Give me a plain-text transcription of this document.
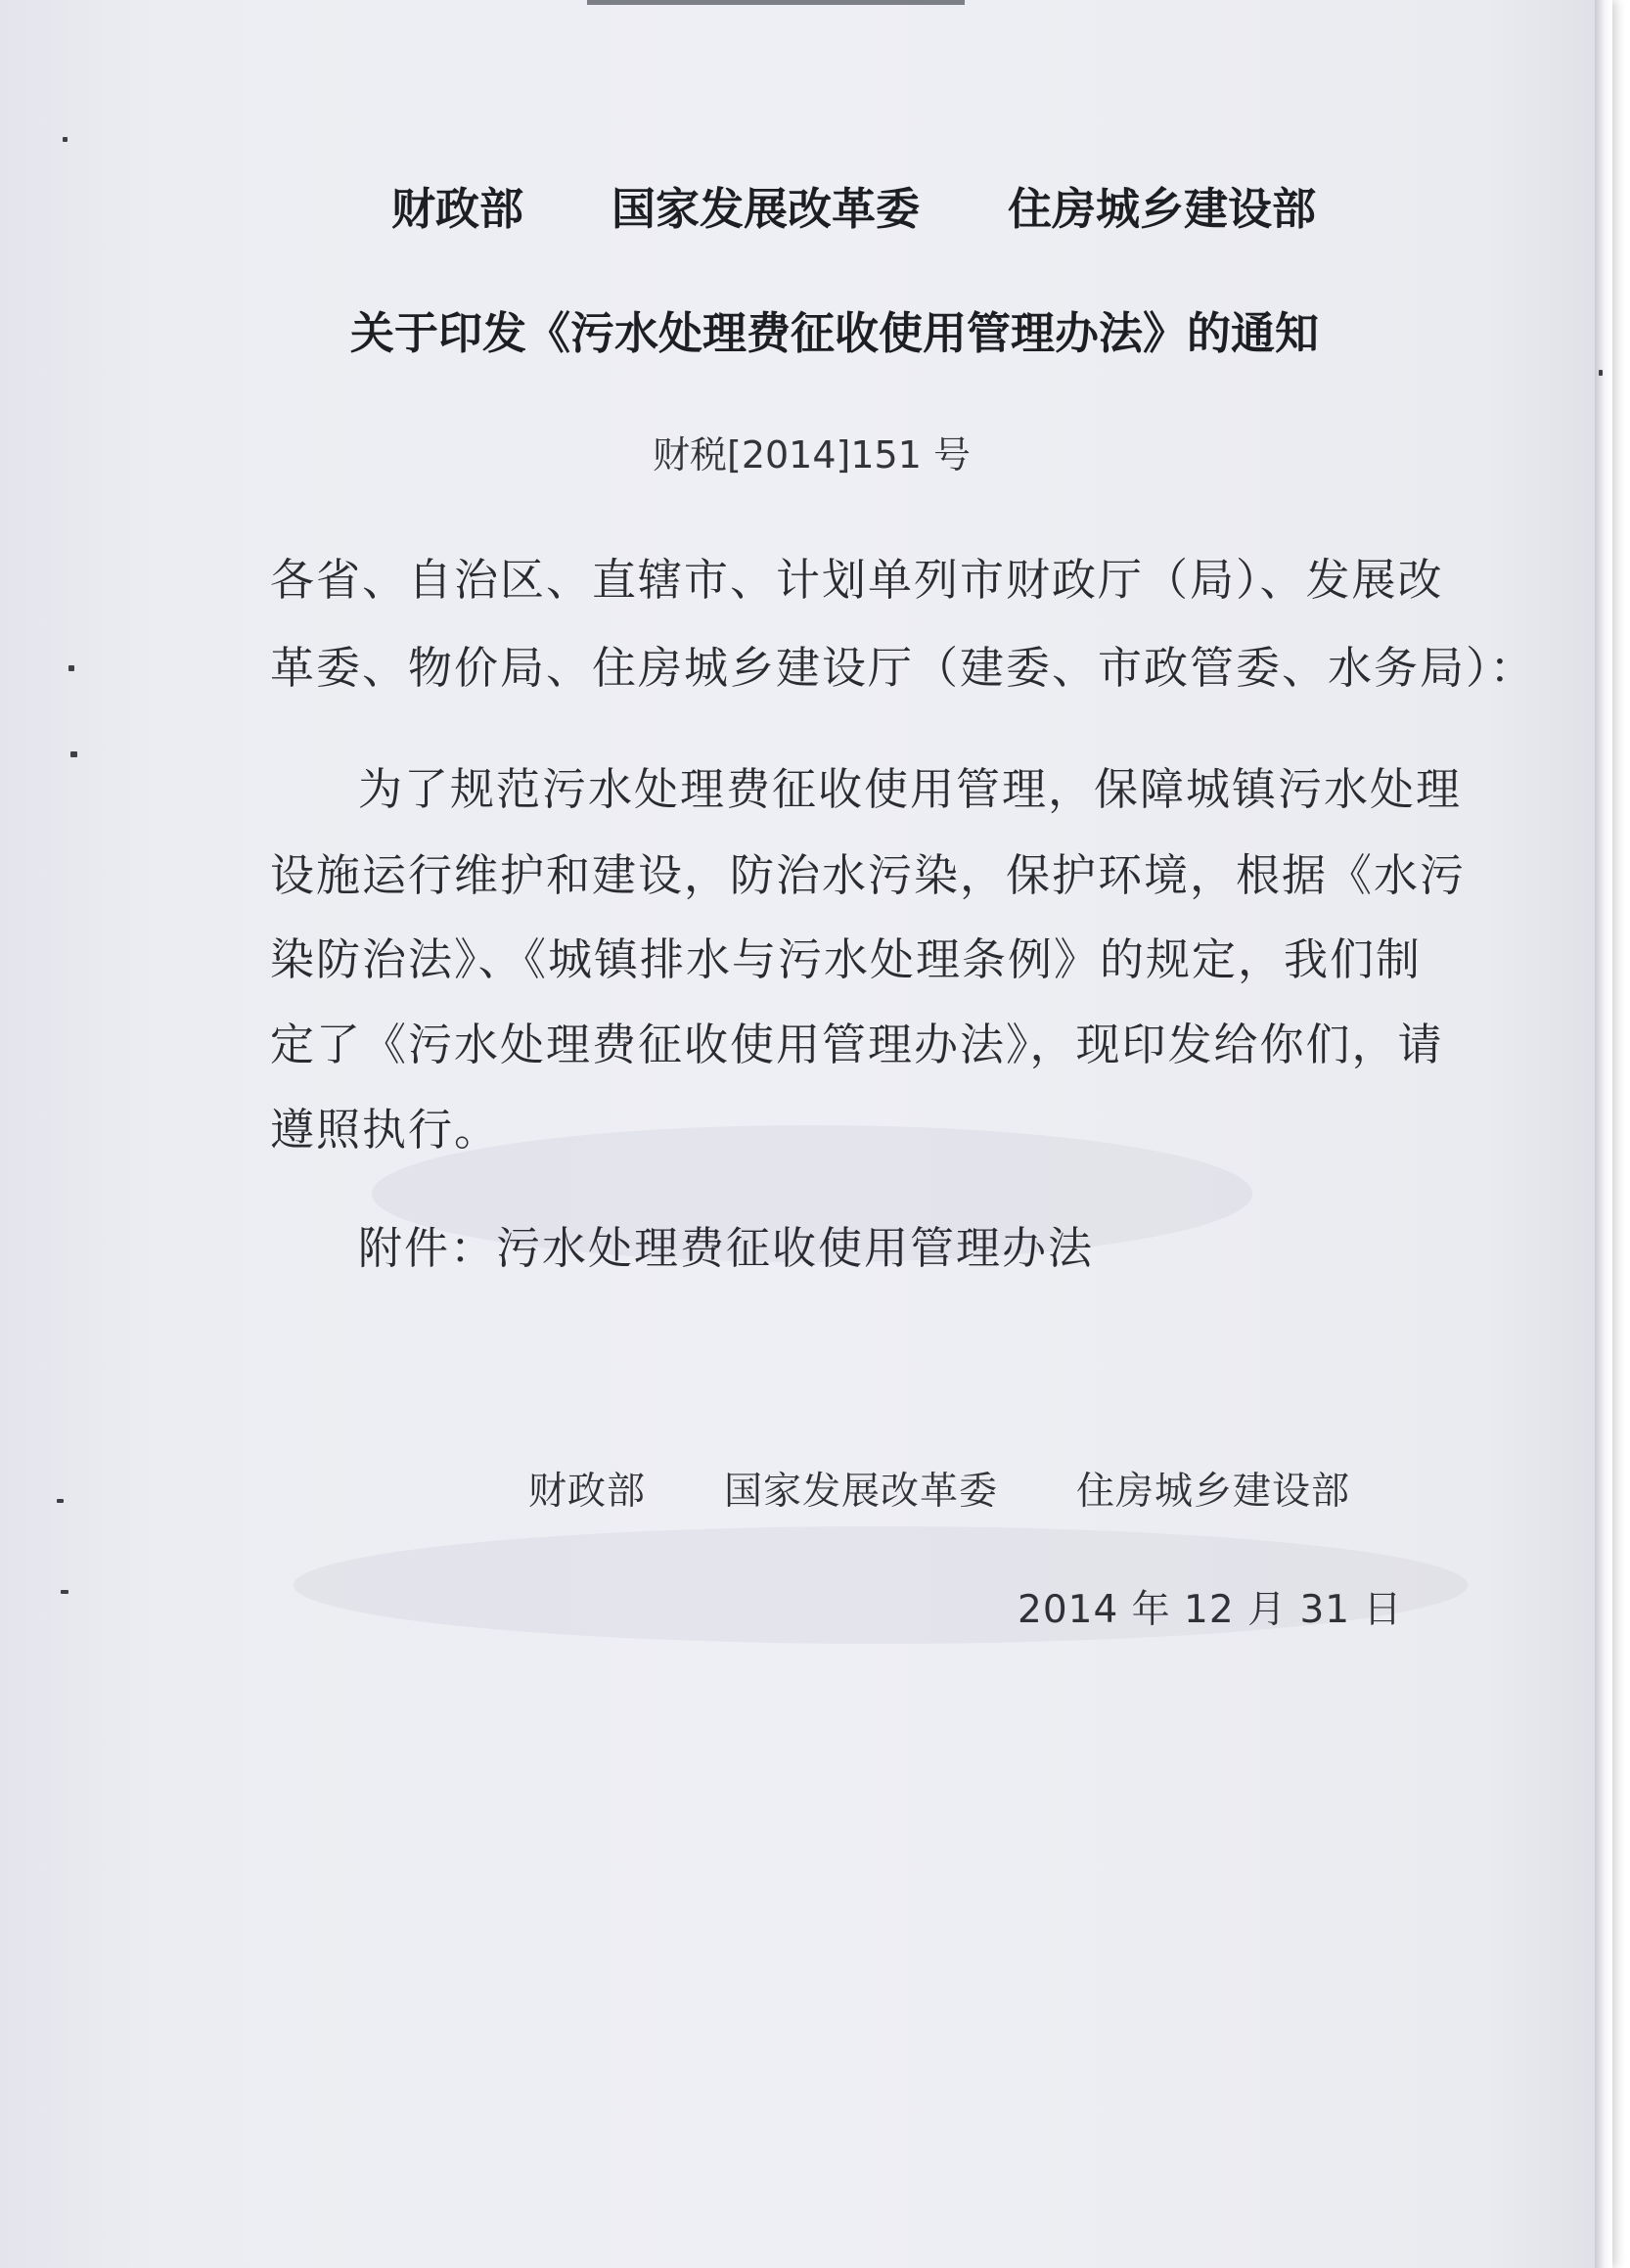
财政部　　国家发展改革委　　住房城乡建设部

关于印发《污水处理费征收使用管理办法》的通知

财税[2014]151 号

各省、自治区、直辖市、计划单列市财政厅（局）、发展改

革委、物价局、住房城乡建设厅（建委、市政管委、水务局）：

为了规范污水处理费征收使用管理，保障城镇污水处理

设施运行维护和建设，防治水污染，保护环境，根据《水污

染防治法》、《城镇排水与污水处理条例》的规定，我们制

定了《污水处理费征收使用管理办法》，现印发给你们，请

遵照执行。

附件：污水处理费征收使用管理办法

财政部　　国家发展改革委　　住房城乡建设部

2014 年 12 月 31 日
